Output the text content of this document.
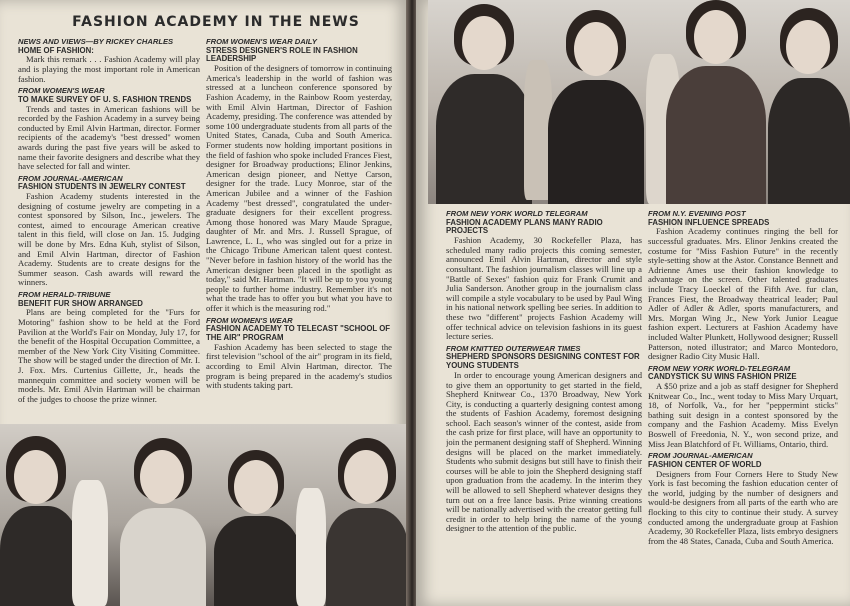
FASHION ACADEMY IN THE NEWS
NEWS AND VIEWS—BY RICKEY CHARLES
HOME OF FASHION:
Mark this remark . . . Fashion Academy will play and is playing the most important role in American fashion.
FROM WOMEN'S WEAR
TO MAKE SURVEY OF U. S. FASHION TRENDS
Trends and tastes in American fashions will be recorded by the Fashion Academy in a survey being conducted by Emil Alvin Hartman, director. Former recipients of the academy's "best dressed" women awards during the past five years will be asked to name their favorite designers and describe what they have selected for fall and winter.
FROM JOURNAL-AMERICAN
FASHION STUDENTS IN JEWELRY CONTEST
Fashion Academy students interested in the designing of costume jewelry are competing in a contest sponsored by Silson, Inc., jewelers. The contest, aimed to encourage American creative talent in this field, will close on Jan. 15. Judging will be done by Mrs. Edna Kuh, stylist of Silson, and Emil Alvin Hartman, director of Fashion Academy. Students are to create designs for the Summer season. Cash awards will reward the winners.
FROM HERALD-TRIBUNE
BENEFIT FUR SHOW ARRANGED
Plans are being completed for the "Furs for Motoring" fashion show to be held at the Ford Pavilion at the World's Fair on Monday, July 17, for the benefit of the Hospital Occupation Committee, a member of the New York City Visiting Committee. The show will be staged under the direction of Mr. I. J. Fox. Mrs. Curtenius Gillette, Jr., heads the mannequin committee and society women will be models. Mr. Emil Alvin Hartman will be chairman of the judges to choose the prize winner.
FROM WOMEN'S WEAR DAILY
STRESS DESIGNER'S ROLE IN FASHION LEADERSHIP
Position of the designers of tomorrow in continuing America's leadership in the world of fashion was stressed at a luncheon conference sponsored by Fashion Academy, in the Rainbow Room yesterday, with Emil Alvin Hartman, Director of Fashion Academy, presiding. The conference was attended by some 100 undergraduate students from all parts of the United States, Canada, Cuba and South America. Former students now holding important positions in the field of fashion who spoke included Frances Fiest, designer for Broadway productions; Elinor Jenkins, American design pioneer, and Nettye Carson, designer for the trade. Lucy Monroe, star of the American Jubilee and a winner of the Fashion Academy "best dressed", congratulated the under-graduate designers for their excellent progress. Among those honored was Mary Maude Sprague, daughter of Mr. and Mrs. J. Russell Sprague, of Lawrence, L. I., who was singled out for a prize in the Chicago Tribune American talent quest contest. "Never before in fashion history of the world has the American designer been placed in the spotlight as today," said Mr. Hartman. "It will be up to you young people to further home industry. Remember it's not what the trade has to offer you but what you have to offer it which is the measuring rod."
FROM WOMEN'S WEAR
FASHION ACADEMY TO TELECAST "SCHOOL OF THE AIR" PROGRAM
Fashion Academy has been selected to stage the first television "school of the air" program in its field, according to Emil Alvin Hartman, director. The program is being prepared in the academy's studios with students taking part.
FROM NEW YORK WORLD TELEGRAM
FASHION ACADEMY PLANS MANY RADIO PROJECTS
Fashion Academy, 30 Rockefeller Plaza, has scheduled many radio projects this coming semester, announced Emil Alvin Hartman, director and style consultant. The fashion journalism classes will line up a "Battle of Sexes" fashion quiz for Frank Crumit and Julia Sanderson. Another group in the journalism class will compile a style vocabulary to be used by Paul Wing in his national network spelling bee series. In addition to these two "different" projects Fashion Academy will offer technical advice on television fashions in its guest lecture series.
FROM KNITTED OUTERWEAR TIMES
SHEPHERD SPONSORS DESIGNING CONTEST FOR YOUNG STUDENTS
In order to encourage young American designers and to give them an opportunity to get started in the field, Shepherd Knitwear Co., 1370 Broadway, New York City, is conducting a quarterly designing contest among the students of Fashion Academy, foremost designing school. Each season's winner of the contest, aside from the cash prize for first place, will have an opportunity to join the permanent designing staff of Shepherd. Winning designs will be placed on the market immediately. Students who submit designs but still have to finish their courses will be able to join the Shepherd designing staff upon graduation from the academy. In the interim they will be allowed to sell Shepherd whatever designs they turn out on a free lance basis. Prize winning creations will be nationally advertised with the creator getting full credit in order to help bring the name of the young designer to the attention of the public.
FROM N.Y. EVENING POST
FASHION INFLUENCE SPREADS
Fashion Academy continues ringing the bell for successful graduates. Mrs. Elinor Jenkins created the costume for "Miss Fashion Future" in the recently style-setting show at the Astor. Constance Bennett and Adrienne Ames use their fashion knowledge to advantage on the screen. Other talented graduates include Tracy Loeckel of the Fifth Ave. fur clan, Frances Fiest, the Broadway theatrical leader; Paul Adler of Adler & Adler, sports manufacturers, and Mrs. Morgan Wing Jr., New York Junior League fashion expert. Lecturers at Fashion Academy have included Walter Plunkett, Hollywood designer; Russell Patterson, noted illustrator; and Marco Montedoro, designer Radio City Music Hall.
FROM NEW YORK WORLD-TELEGRAM
CANDYSTICK SU WINS FASHION PRIZE
A $50 prize and a job as staff designer for Shepherd Knitwear Co., Inc., went today to Miss Mary Urquart, 18, of Norfolk, Va., for her "peppermint sticks" bathing suit design in a contest sponsored by the company and the Fashion Academy. Miss Evelyn Boswell of Freedonia, N. Y., won second prize, and Miss Jean Blatchford of Ft. Williams, Ontario, third.
FROM JOURNAL-AMERICAN
FASHION CENTER OF WORLD
Designers from Four Corners Here to Study New York is fast becoming the fashion education center of the world, judging by the number of designers and would-be designers from all parts of the earth who are flocking to this city to continue their study. A survey conducted among the undergraduate group at Fashion Academy, 30 Rockefeller Plaza, lists embryo designers from the 48 States, Canada, Cuba and South America.
